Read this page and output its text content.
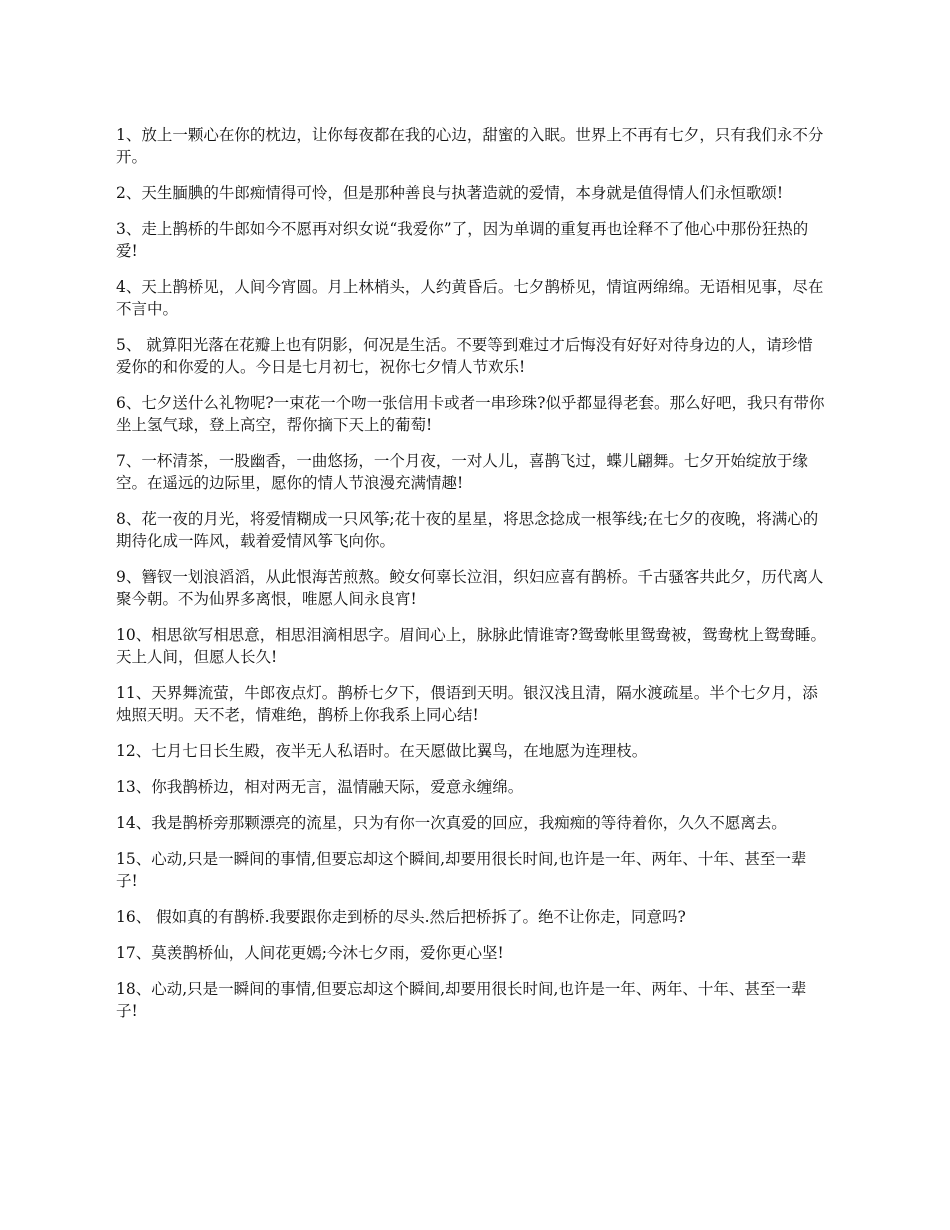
1、放上一颗心在你的枕边，让你每夜都在我的心边，甜蜜的入眠。世界上不再有七夕，只有我们永不分开。

2、天生腼腆的牛郎痴情得可怜，但是那种善良与执著造就的爱情，本身就是值得情人们永恒歌颂!

3、走上鹊桥的牛郎如今不愿再对织女说“我爱你”了，因为单调的重复再也诠释不了他心中那份狂热的爱!

4、天上鹊桥见，人间今宵圆。月上林梢头，人约黄昏后。七夕鹊桥见，情谊两绵绵。无语相见事，尽在不言中。

5、 就算阳光落在花瓣上也有阴影，何况是生活。不要等到难过才后悔没有好好对待身边的人，请珍惜爱你的和你爱的人。今日是七月初七，祝你七夕情人节欢乐!

6、七夕送什么礼物呢?一束花一个吻一张信用卡或者一串珍珠?似乎都显得老套。那么好吧，我只有带你坐上氢气球，登上高空，帮你摘下天上的葡萄!

7、一杯清茶，一股幽香，一曲悠扬，一个月夜，一对人儿，喜鹊飞过，蝶儿翩舞。七夕开始绽放于缘空。在遥远的边际里，愿你的情人节浪漫充满情趣!

8、花一夜的月光，将爱情糊成一只风筝;花十夜的星星，将思念捻成一根筝线;在七夕的夜晚，将满心的期待化成一阵风，载着爱情风筝飞向你。

9、簪钗一划浪滔滔，从此恨海苦煎熬。鲛女何辜长泣泪，织妇应喜有鹊桥。千古骚客共此夕，历代离人聚今朝。不为仙界多离恨，唯愿人间永良宵!

10、相思欲写相思意，相思泪滴相思字。眉间心上，脉脉此情谁寄?鸳鸯帐里鸳鸯被，鸳鸯枕上鸳鸯睡。天上人间，但愿人长久!

11、天界舞流萤，牛郎夜点灯。鹊桥七夕下，偎语到天明。银汉浅且清，隔水渡疏星。半个七夕月，添烛照天明。天不老，情难绝，鹊桥上你我系上同心结!

12、七月七日长生殿，夜半无人私语时。在天愿做比翼鸟，在地愿为连理枝。

13、你我鹊桥边，相对两无言，温情融天际，爱意永缠绵。

14、我是鹊桥旁那颗漂亮的流星，只为有你一次真爱的回应，我痴痴的等待着你，久久不愿离去。

15、心动,只是一瞬间的事情,但要忘却这个瞬间,却要用很长时间,也许是一年、两年、十年、甚至一辈子!

16、 假如真的有鹊桥.我要跟你走到桥的尽头.然后把桥拆了。绝不让你走，同意吗?

17、莫羡鹊桥仙，人间花更嫣;今沐七夕雨，爱你更心坚!

18、心动,只是一瞬间的事情,但要忘却这个瞬间,却要用很长时间,也许是一年、两年、十年、甚至一辈子!
